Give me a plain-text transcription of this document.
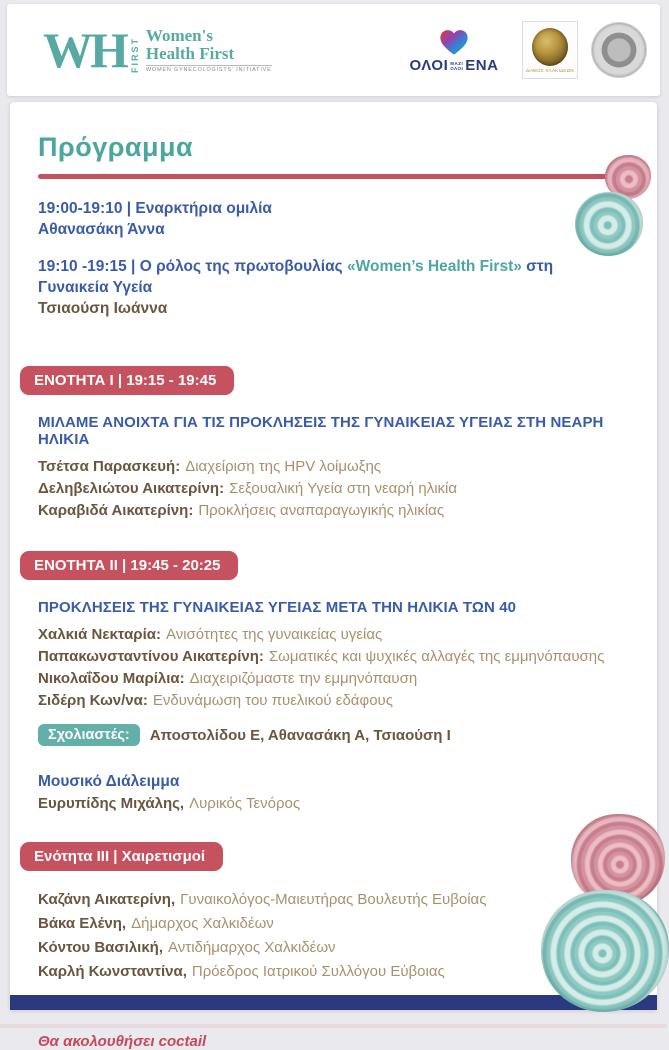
WH FIRST
Women's
Health First
WOMEN GYNECOLOGISTS' INITIATIVE	ΟΛΟΙ ΜΑΖΙ
ΟΛΟΙ ΕΝΑ	ΔΗΜΟΣ ΧΑΛΚΙΔΕΩΝ
Πρόγραμμα
19:00-19:10 | Εναρκτήρια ομιλία
Αθανασάκη Άννα
19:10 -19:15 | Ο ρόλος της πρωτοβουλίας «Women’s Health First» στη Γυναικεία Υγεία
Τσιαούση Ιωάννα
ΕΝΟΤΗΤΑ Ι | 19:15 - 19:45
ΜΙΛΑΜΕ ΑΝΟΙΧΤΑ ΓΙΑ ΤΙΣ ΠΡΟΚΛΗΣΕΙΣ ΤΗΣ ΓΥΝΑΙΚΕΙΑΣ ΥΓΕΙΑΣ ΣΤΗ ΝΕΑΡΗ ΗΛΙΚΙΑ
Τσέτσα Παρασκευή: Διαχείριση της HPV λοίμωξης
Δεληβελιώτου Αικατερίνη: Σεξουαλική Υγεία στη νεαρή ηλικία
Καραβιδά Αικατερίνη: Προκλήσεις αναπαραγωγικής ηλικίας
ΕΝΟΤΗΤΑ ΙΙ | 19:45 - 20:25
ΠΡΟΚΛΗΣΕΙΣ ΤΗΣ ΓΥΝΑΙΚΕΙΑΣ ΥΓΕΙΑΣ ΜΕΤΑ ΤΗΝ ΗΛΙΚΙΑ ΤΩΝ 40
Χαλκιά Νεκταρία: Ανισότητες της γυναικείας υγείας
Παπακωνσταντίνου Αικατερίνη: Σωματικές και ψυχικές αλλαγές της εμμηνόπαυσης
Νικολαΐδου Μαρίλια: Διαχειριζόμαστε την εμμηνόπαυση
Σιδέρη Κων/να: Ενδυνάμωση του πυελικού εδάφους
Σχολιαστές:	Αποστολίδου Ε, Αθανασάκη Α, Τσιαούση Ι
Μουσικό Διάλειμμα
Ευρυπίδης Μιχάλης, Λυρικός Τενόρος
Ενότητα ΙΙΙ | Χαιρετισμοί
Καζάνη Αικατερίνη, Γυναικολόγος-Μαιευτήρας Βουλευτής Ευβοίας
Βάκα Ελένη, Δήμαρχος Χαλκιδέων
Κόντου Βασιλική, Αντιδήμαρχος Χαλκιδέων
Καρλή Κωνσταντίνα, Πρόεδρος Ιατρικού Συλλόγου Εύβοιας
Θα ακολουθήσει coctail
